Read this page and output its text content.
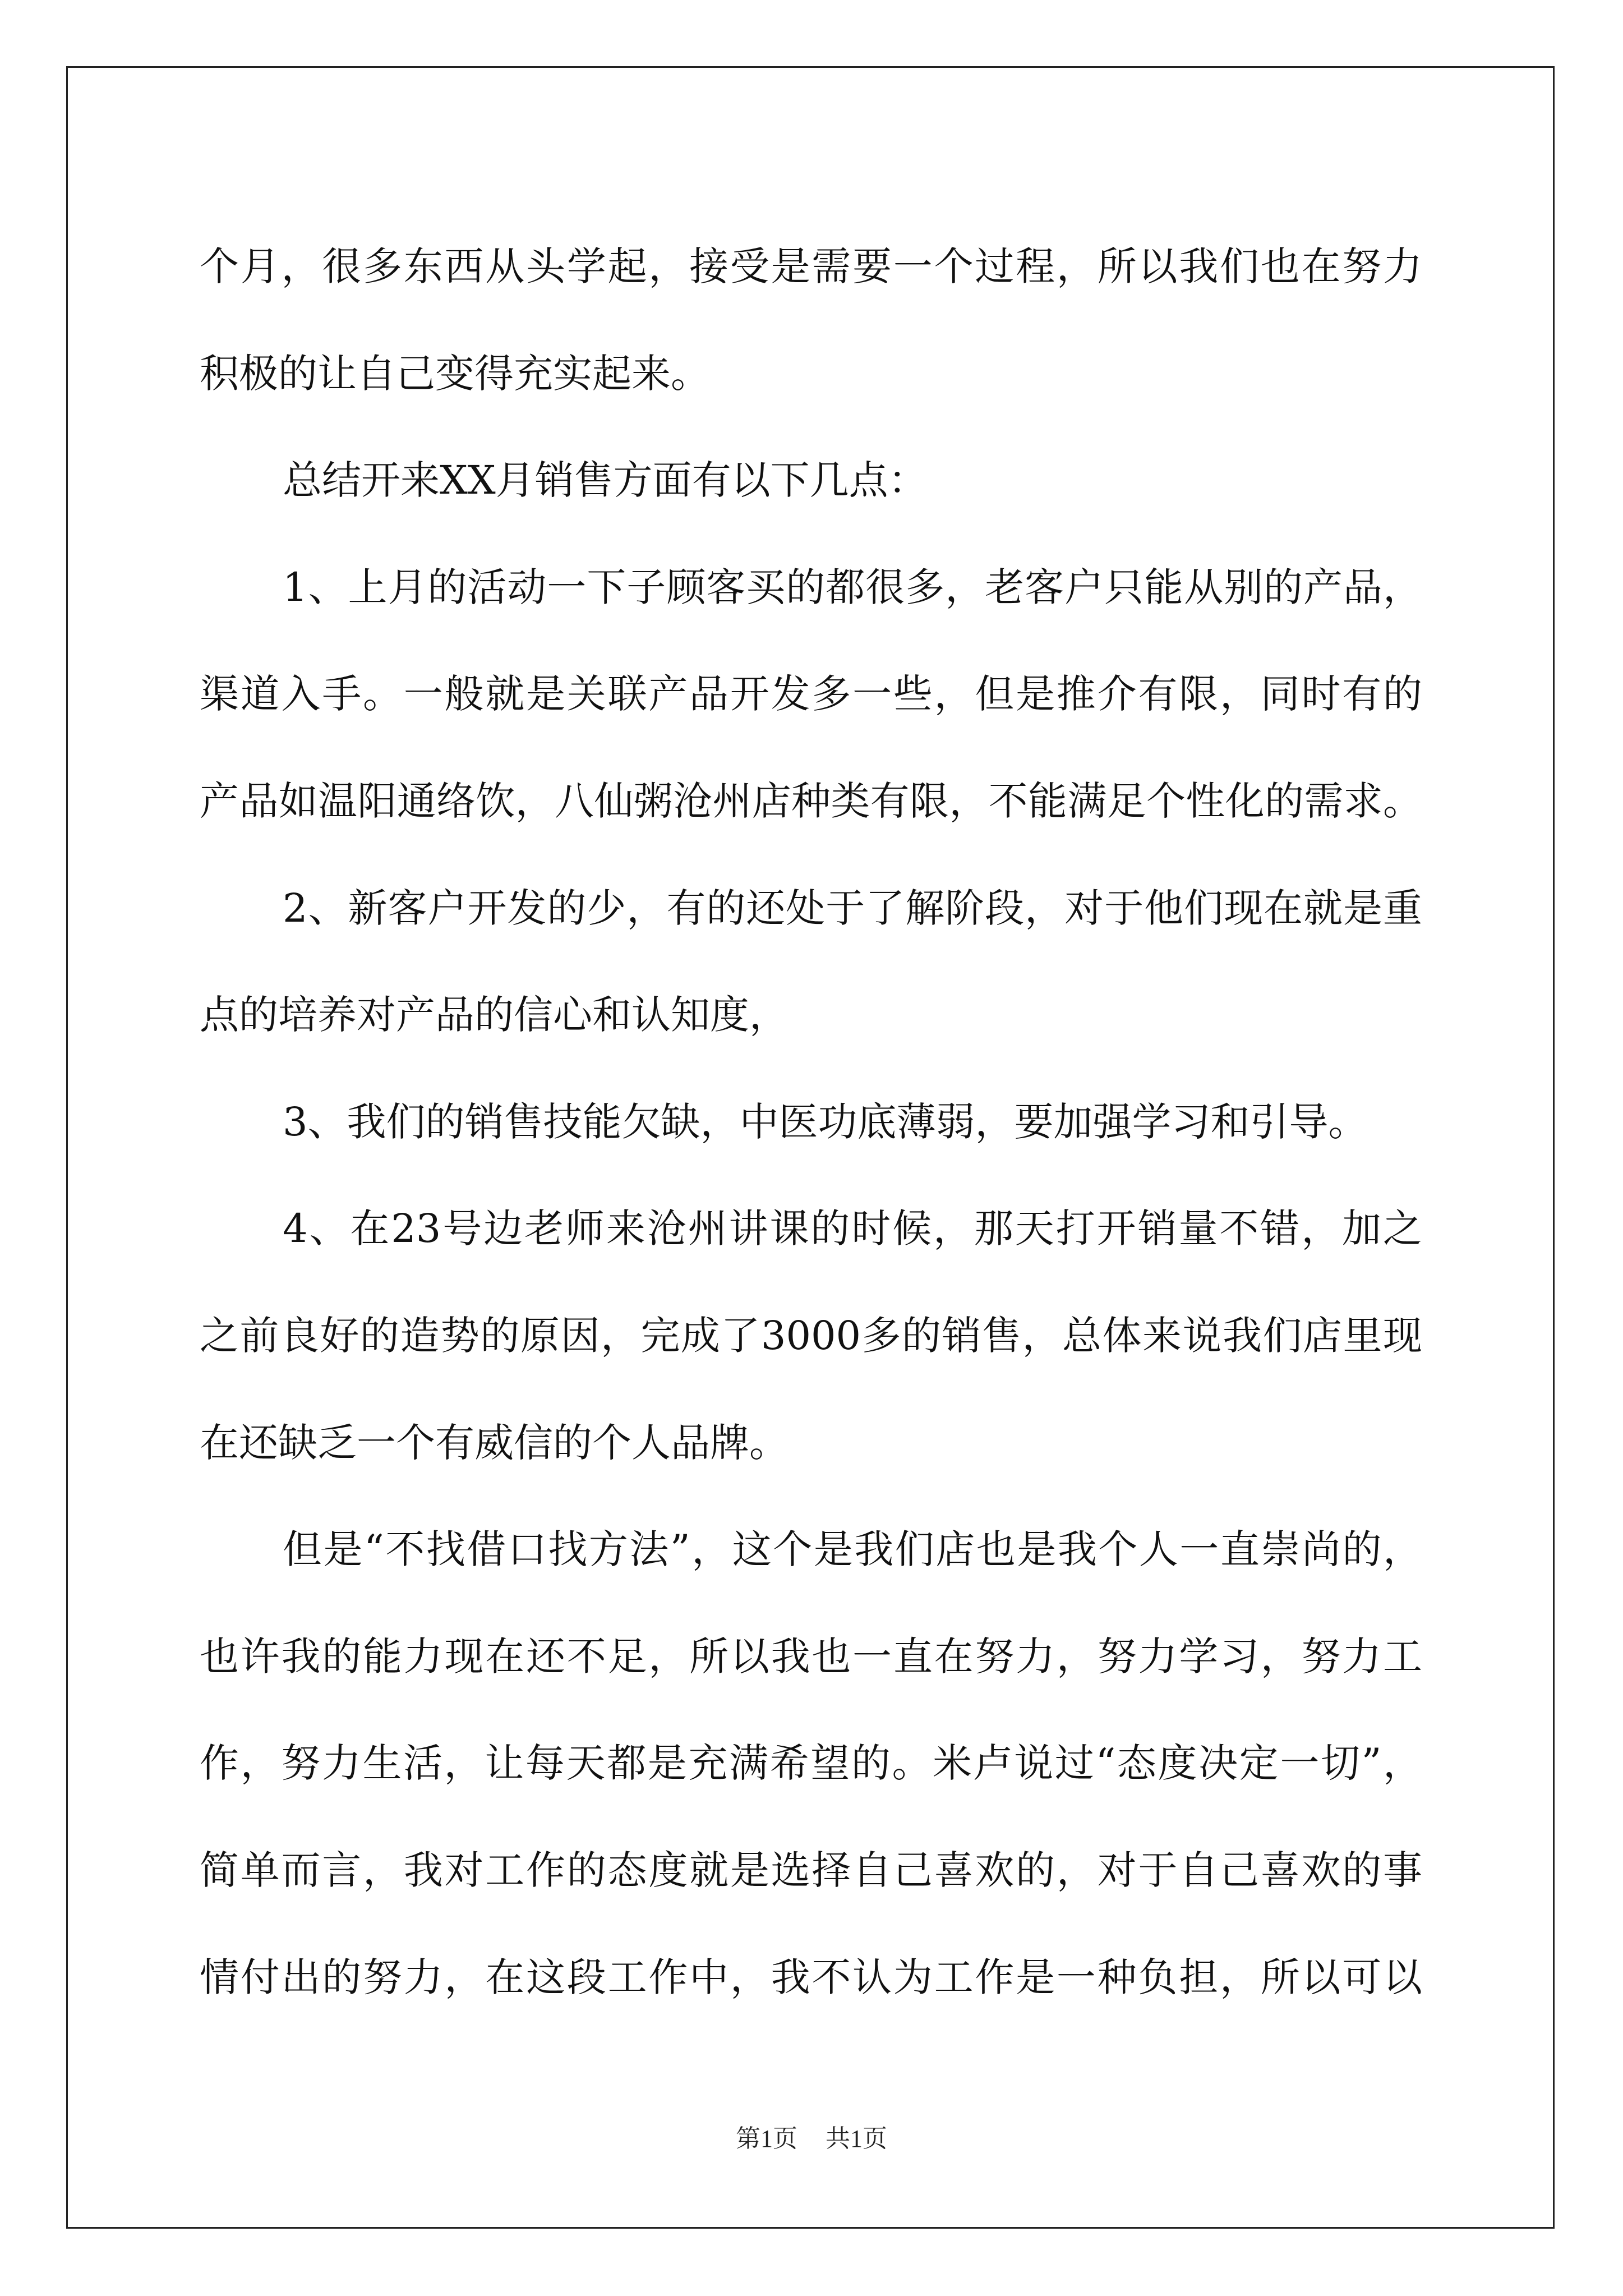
个月，很多东西从头学起，接受是需要一个过程，所以我们也在努力
积极的让自己变得充实起来。
总结开来XX月销售方面有以下几点：
1、上月的活动一下子顾客买的都很多，老客户只能从别的产品，
渠道入手。一般就是关联产品开发多一些，但是推介有限，同时有的
产品如温阳通络饮，八仙粥沧州店种类有限，不能满足个性化的需求。
2、新客户开发的少，有的还处于了解阶段，对于他们现在就是重
点的培养对产品的信心和认知度，
3、我们的销售技能欠缺，中医功底薄弱，要加强学习和引导。
4、在23号边老师来沧州讲课的时候，那天打开销量不错，加之
之前良好的造势的原因，完成了3000多的销售，总体来说我们店里现
在还缺乏一个有威信的个人品牌。
但是“不找借口找方法”，这个是我们店也是我个人一直崇尚的，
也许我的能力现在还不足，所以我也一直在努力，努力学习，努力工
作，努力生活，让每天都是充满希望的。米卢说过“态度决定一切”，
简单而言，我对工作的态度就是选择自己喜欢的，对于自己喜欢的事
情付出的努力，在这段工作中，我不认为工作是一种负担，所以可以
第1页 共1页
